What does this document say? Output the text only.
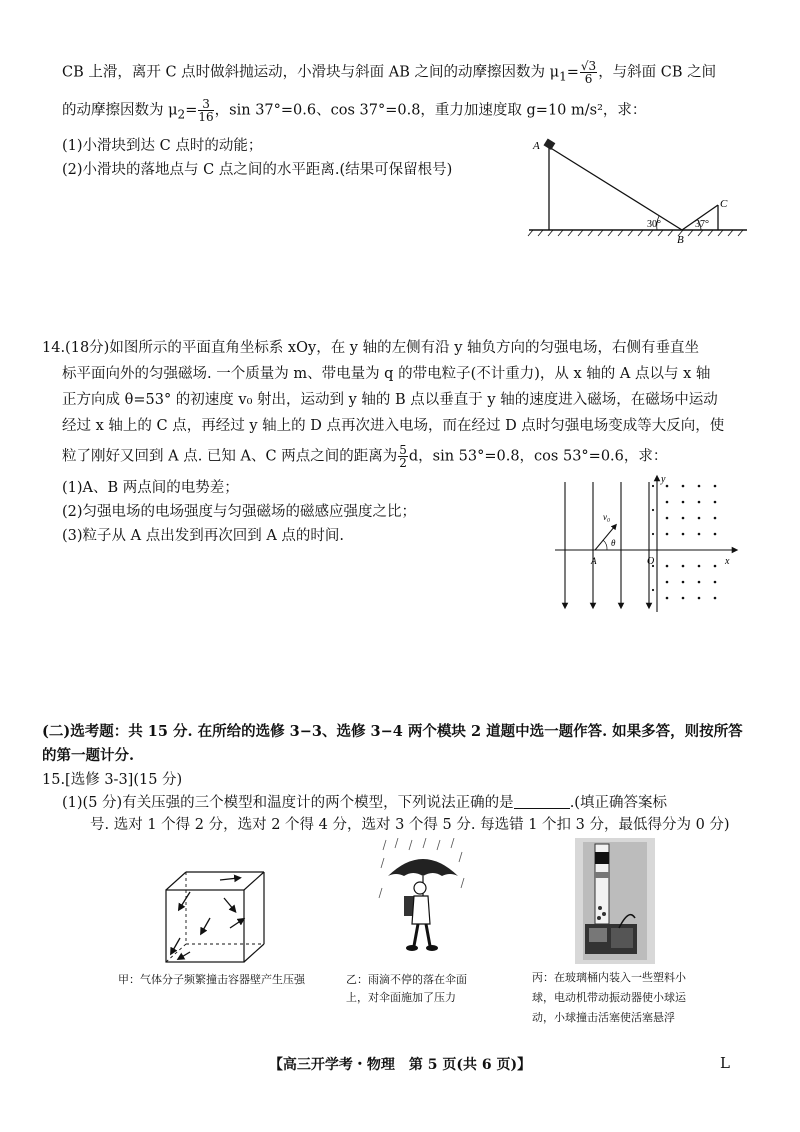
CB 上滑，离开 C 点时做斜抛运动，小滑块与斜面 AB 之间的动摩擦因数为 $\mu_1= \frac{√3}{6}$ ，与斜面 CB 之间
的动摩擦因数为 $\mu_2= \frac{3}{16}$ ，sin 37°=0.6、cos 37°=0.8，重力加速度取 g=10 m/s²，求：
(1)小滑块到达 C 点时的动能；
(2)小滑块的落地点与 C 点之间的水平距离.(结果可保留根号)
A
B
C
30°	37°
14.(18分)如图所示的平面直角坐标系 xOy，在 y 轴的左侧有沿 y 轴负方向的匀强电场，右侧有垂直坐
标平面向外的匀强磁场. 一个质量为 m、带电量为 q 的带电粒子(不计重力)，从 x 轴的 A 点以与 x 轴
正方向成 θ=53° 的初速度 v₀ 射出，运动到 y 轴的 B 点以垂直于 y 轴的速度进入磁场，在磁场中运动
经过 x 轴上的 C 点，再经过 y 轴上的 D 点再次进入电场，而在经过 D 点时匀强电场变成等大反向，使
粒了刚好又回到 A 点. 已知 A、C 两点之间的距离为 $\frac{5}{2}$ d，sin 53°=0.8，cos 53°=0.6，求：
(1)A、B 两点间的电势差；
(2)匀强电场的电场强度与匀强磁场的磁感应强度之比；
(3)粒子从 A 点出发到再次回到 A 点的时间.
y
x
O
A
v₀
θ
(二)选考题：共 15 分. 在所给的选修 3−3、选修 3−4 两个模块 2 道题中选一题作答. 如果多答，则按所答
的第一题计分.
15.[选修 3-3](15 分)
(1)(5 分)有关压强的三个模型和温度计的两个模型，下列说法正确的是	.(填正确答案标
号. 选对 1 个得 2 分，选对 2 个得 4 分，选对 3 个得 5 分. 每选错 1 个扣 3 分，最低得分为 0 分)
甲：气体分子频繁撞击容器壁产生压强	乙：雨滴不停的落在伞面
上，对伞面施加了压力
丙：在玻璃桶内装入一些塑料小
球，电动机带动振动器使小球运
动，小球撞击活塞使活塞悬浮
【高三开学考・物理　第 5 页(共 6 页)】	L
